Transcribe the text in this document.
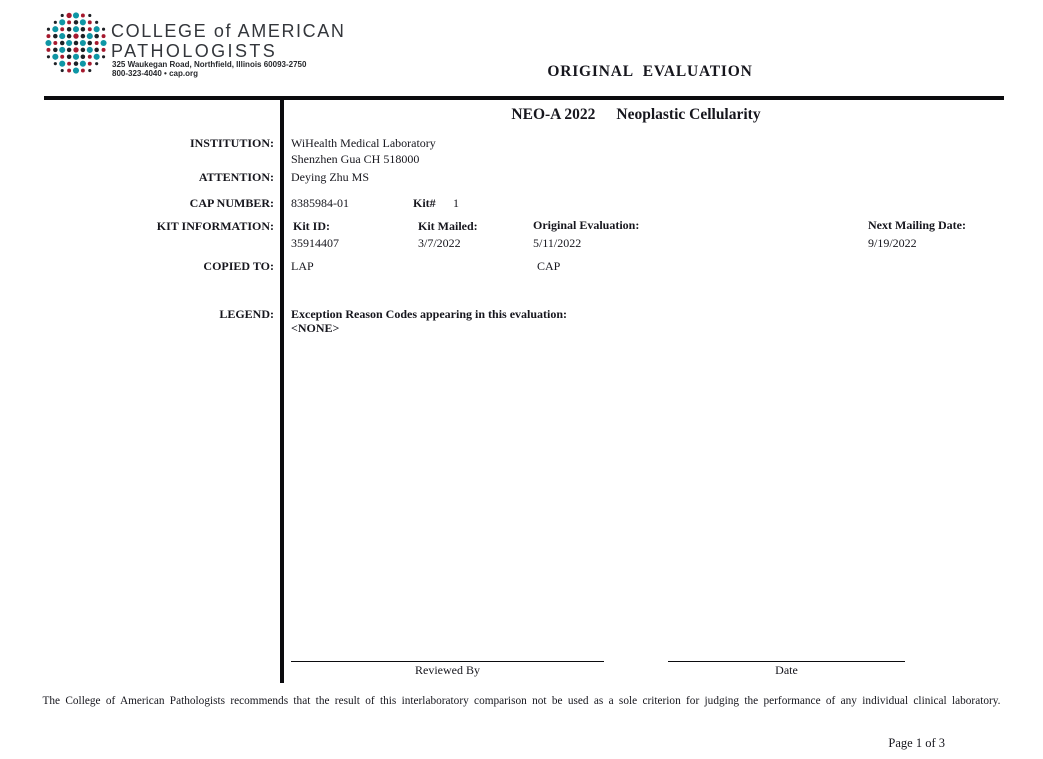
COLLEGE of AMERICAN
PATHOLOGISTS
325 Waukegan Road, Northfield, Illinois 60093-2750
800-323-4040 • cap.org	ORIGINAL EVALUATION
NEO-A 2022 Neoplastic Cellularity
INSTITUTION: WiHealth Medical Laboratory
Shenzhen Gua CH 518000
ATTENTION: Deying Zhu MS
CAP NUMBER: 8385984-01	Kit# 1
KIT INFORMATION: Kit ID:
35914407
Kit Mailed:
3/7/2022
Original Evaluation:
5/11/2022
Next Mailing Date:
9/19/2022
COPIED TO: LAP	CAP
LEGEND: Exception Reason Codes appearing in this evaluation:
<NONE>
Reviewed By	Date
The College of American Pathologists recommends that the result of this interlaboratory comparison not be used as a sole criterion for judging the performance of any individual clinical laboratory.
Page 1 of 3
